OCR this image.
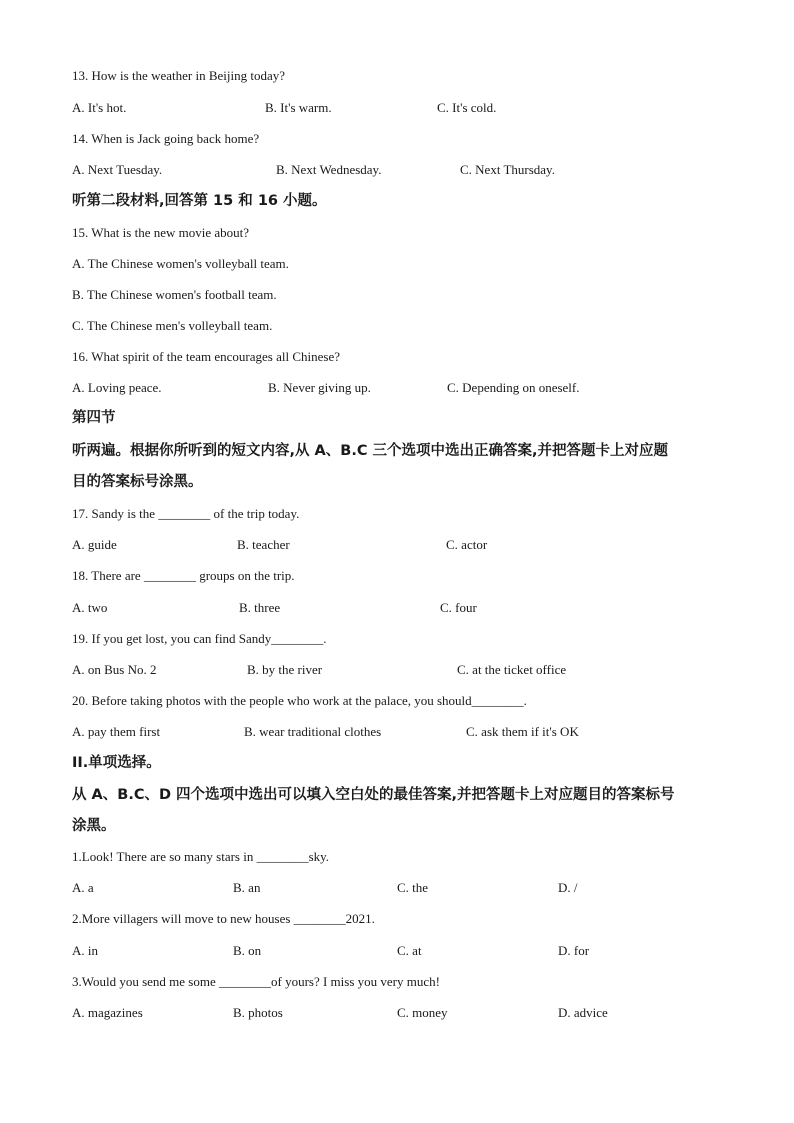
13. How is the weather in Beijing today?
A. It's hot.	B. It's warm.	C. It's cold.
14. When is Jack going back home?
A. Next Tuesday.	B. Next Wednesday.	C. Next Thursday.
听第二段材料,回答第 15 和 16 小题。
15. What is the new movie about?
A. The Chinese women's volleyball team.
B. The Chinese women's football team.
C. The Chinese men's volleyball team.
16. What spirit of the team encourages all Chinese?
A. Loving peace.	B. Never giving up.	C. Depending on oneself.
第四节
听两遍。根据你所听到的短文内容,从 A、B.C 三个选项中选出正确答案,并把答题卡上对应题
目的答案标号涂黑。
17. Sandy is the ________ of the trip today.
A. guide	B. teacher	C. actor
18. There are ________ groups on the trip.
A. two	B. three	C. four
19. If you get lost, you can find Sandy________.
A. on Bus No. 2	B. by the river	C. at the ticket office
20. Before taking photos with the people who work at the palace, you should________.
A. pay them first	B. wear traditional clothes	C. ask them if it's OK
II.单项选择。
从 A、B.C、D 四个选项中选出可以填入空白处的最佳答案,并把答题卡上对应题目的答案标号
涂黑。
1.Look! There are so many stars in ________sky.
A. a	B. an	C. the	D. /
2.More villagers will move to new houses ________2021.
A. in	B. on	C. at	D. for
3.Would you send me some ________of yours? I miss you very much!
A. magazines	B. photos	C. money	D. advice
